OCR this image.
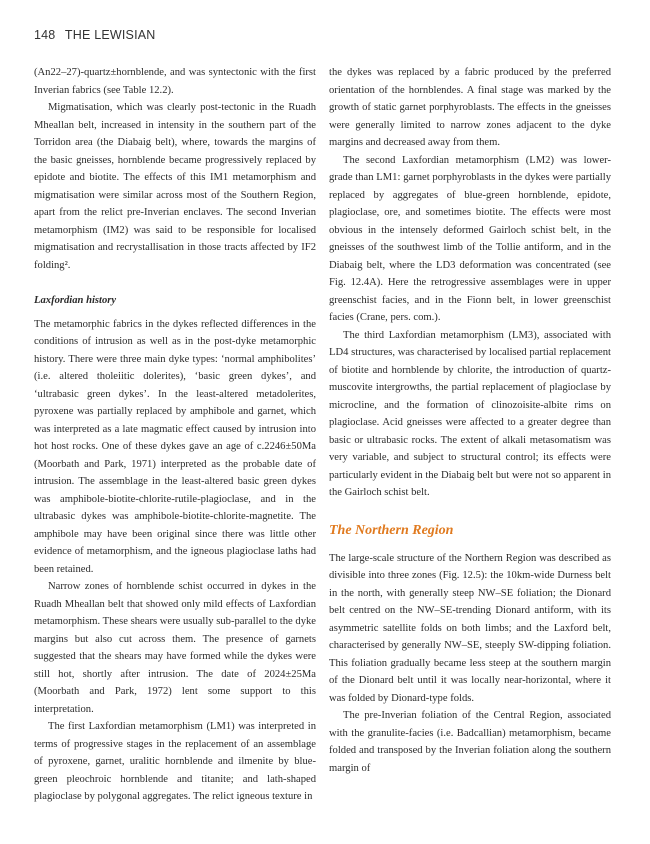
148 THE LEWISIAN

(An22–27)-quartz±hornblende, and was syntectonic with the first Inverian fabrics (see Table 12.2).

Migmatisation, which was clearly post-tectonic in the Ruadh Mheallan belt, increased in intensity in the southern part of the Torridon area (the Diabaig belt), where, towards the margins of the basic gneisses, hornblende became progressively replaced by epidote and biotite. The effects of this IM1 metamorphism and migmatisation were similar across most of the Southern Region, apart from the relict pre-Inverian enclaves. The second Inverian metamorphism (IM2) was said to be responsible for localised migmatisation and recrystallisation in those tracts affected by IF2 folding².

Laxfordian history

The metamorphic fabrics in the dykes reflected differences in the conditions of intrusion as well as in the post-dyke metamorphic history. There were three main dyke types: ‘normal amphibolites’ (i.e. altered tholeiitic dolerites), ‘basic green dykes’, and ‘ultrabasic green dykes’. In the least-altered metadolerites, pyroxene was partially replaced by amphibole and garnet, which was interpreted as a late magmatic effect caused by intrusion into hot host rocks. One of these dykes gave an age of c.2246±50Ma (Moorbath and Park, 1971) interpreted as the probable date of intrusion. The assemblage in the least-altered basic green dykes was amphibole-biotite-chlorite-rutile-plagioclase, and in the ultrabasic dykes was amphibole-biotite-chlorite-magnetite. The amphibole may have been original since there was little other evidence of metamorphism, and the igneous plagioclase laths had been retained.

Narrow zones of hornblende schist occurred in dykes in the Ruadh Mheallan belt that showed only mild effects of Laxfordian metamorphism. These shears were usually sub-parallel to the dyke margins but also cut across them. The presence of garnets suggested that the shears may have formed while the dykes were still hot, shortly after intrusion. The date of 2024±25Ma (Moorbath and Park, 1972) lent some support to this interpretation.

The first Laxfordian metamorphism (LM1) was interpreted in terms of progressive stages in the replacement of an assemblage of pyroxene, garnet, uralitic hornblende and ilmenite by blue-green pleochroic hornblende and titanite; and lath-shaped plagioclase by polygonal aggregates. The relict igneous texture in

the dykes was replaced by a fabric produced by the preferred orientation of the hornblendes. A final stage was marked by the growth of static garnet porphyroblasts. The effects in the gneisses were generally limited to narrow zones adjacent to the dyke margins and decreased away from them.

The second Laxfordian metamorphism (LM2) was lower-grade than LM1: garnet porphyroblasts in the dykes were partially replaced by aggregates of blue-green hornblende, epidote, plagioclase, ore, and sometimes biotite. The effects were most obvious in the intensely deformed Gairloch schist belt, in the gneisses of the southwest limb of the Tollie antiform, and in the Diabaig belt, where the LD3 deformation was concentrated (see Fig. 12.4A). Here the retrogressive assemblages were in upper greenschist facies, and in the Fionn belt, in lower greenschist facies (Crane, pers. com.).

The third Laxfordian metamorphism (LM3), associated with LD4 structures, was characterised by localised partial replacement of biotite and hornblende by chlorite, the introduction of quartz-muscovite intergrowths, the partial replacement of plagioclase by microcline, and the formation of clinozoisite-albite rims on plagioclase. Acid gneisses were affected to a greater degree than basic or ultrabasic rocks. The extent of alkali metasomatism was very variable, and subject to structural control; its effects were particularly evident in the Diabaig belt but were not so apparent in the Gairloch schist belt.

The Northern Region

The large-scale structure of the Northern Region was described as divisible into three zones (Fig. 12.5): the 10km-wide Durness belt in the north, with generally steep NW–SE foliation; the Dionard belt centred on the NW–SE-trending Dionard antiform, with its asymmetric satellite folds on both limbs; and the Laxford belt, characterised by generally NW–SE, steeply SW-dipping foliation. This foliation gradually became less steep at the southern margin of the Dionard belt until it was locally near-horizontal, where it was folded by Dionard-type folds.

The pre-Inverian foliation of the Central Region, associated with the granulite-facies (i.e. Badcallian) metamorphism, became folded and transposed by the Inverian foliation along the southern margin of
